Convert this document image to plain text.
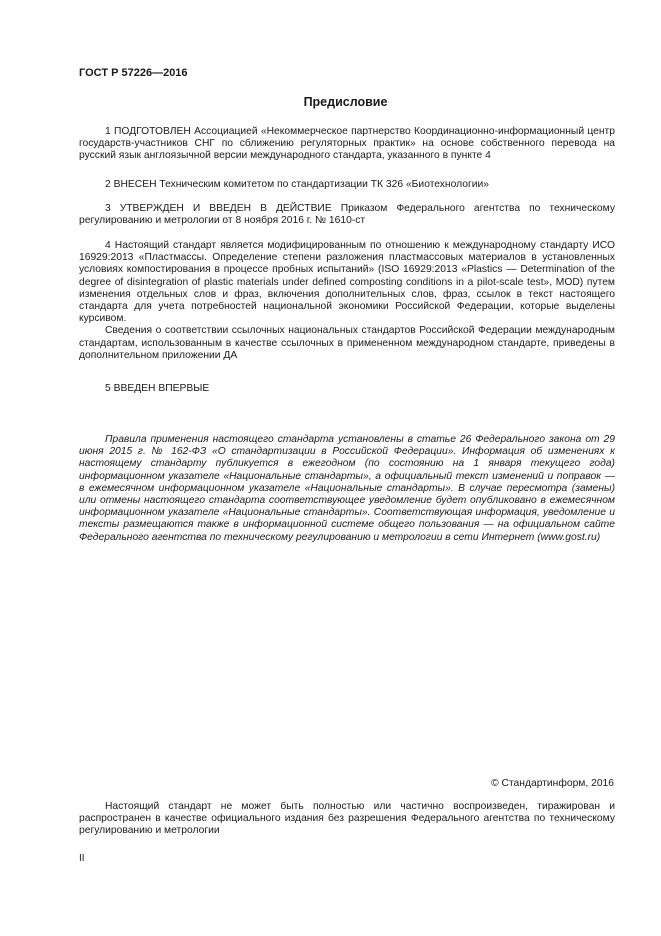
ГОСТ Р 57226—2016
Предисловие

1 ПОДГОТОВЛЕН Ассоциацией «Некоммерческое партнерство Координационно-информационный центр государств-участников СНГ по сближению регуляторных практик» на основе собственного перевода на русский язык англоязычной версии международного стандарта, указанного в пункте 4

2 ВНЕСЕН Техническим комитетом по стандартизации ТК 326 «Биотехнологии»

3 УТВЕРЖДЕН И ВВЕДЕН В ДЕЙСТВИЕ Приказом Федерального агентства по техническому регулированию и метрологии от 8 ноября 2016 г. № 1610-ст

4 Настоящий стандарт является модифицированным по отношению к международному стандарту ИСО 16929:2013 «Пластмассы. Определение степени разложения пластмассовых материалов в установленных условиях компостирования в процессе пробных испытаний» (ISO 16929:2013 «Plastics — Determination of the degree of disintegration of plastic materials under defined composting conditions in a pilot-scale test», MOD) путем изменения отдельных слов и фраз, включения дополнительных слов, фраз, ссылок в текст настоящего стандарта для учета потребностей национальной экономики Российской Федерации, которые выделены курсивом.

Сведения о соответствии ссылочных национальных стандартов Российской Федерации международным стандартам, использованным в качестве ссылочных в примененном международном стандарте, приведены в дополнительном приложении ДА

5 ВВЕДЕН ВПЕРВЫЕ

Правила применения настоящего стандарта установлены в статье 26 Федерального закона от 29 июня 2015 г. № 162-ФЗ «О стандартизации в Российской Федерации». Информация об изменениях к настоящему стандарту публикуется в ежегодном (по состоянию на 1 января текущего года) информационном указателе «Национальные стандарты», а официальный текст изменений и поправок — в ежемесячном информационном указателе «Национальные стандарты». В случае пересмотра (замены) или отмены настоящего стандарта соответствующее уведомление будет опубликовано в ежемесячном информационном указателе «Национальные стандарты». Соответствующая информация, уведомление и тексты размещаются также в информационной системе общего пользования — на официальном сайте Федерального агентства по техническому регулированию и метрологии в сети Интернет (www.gost.ru)

© Стандартинформ, 2016
Настоящий стандарт не может быть полностью или частично воспроизведен, тиражирован и распространен в качестве официального издания без разрешения Федерального агентства по техническому регулированию и метрологии
II
